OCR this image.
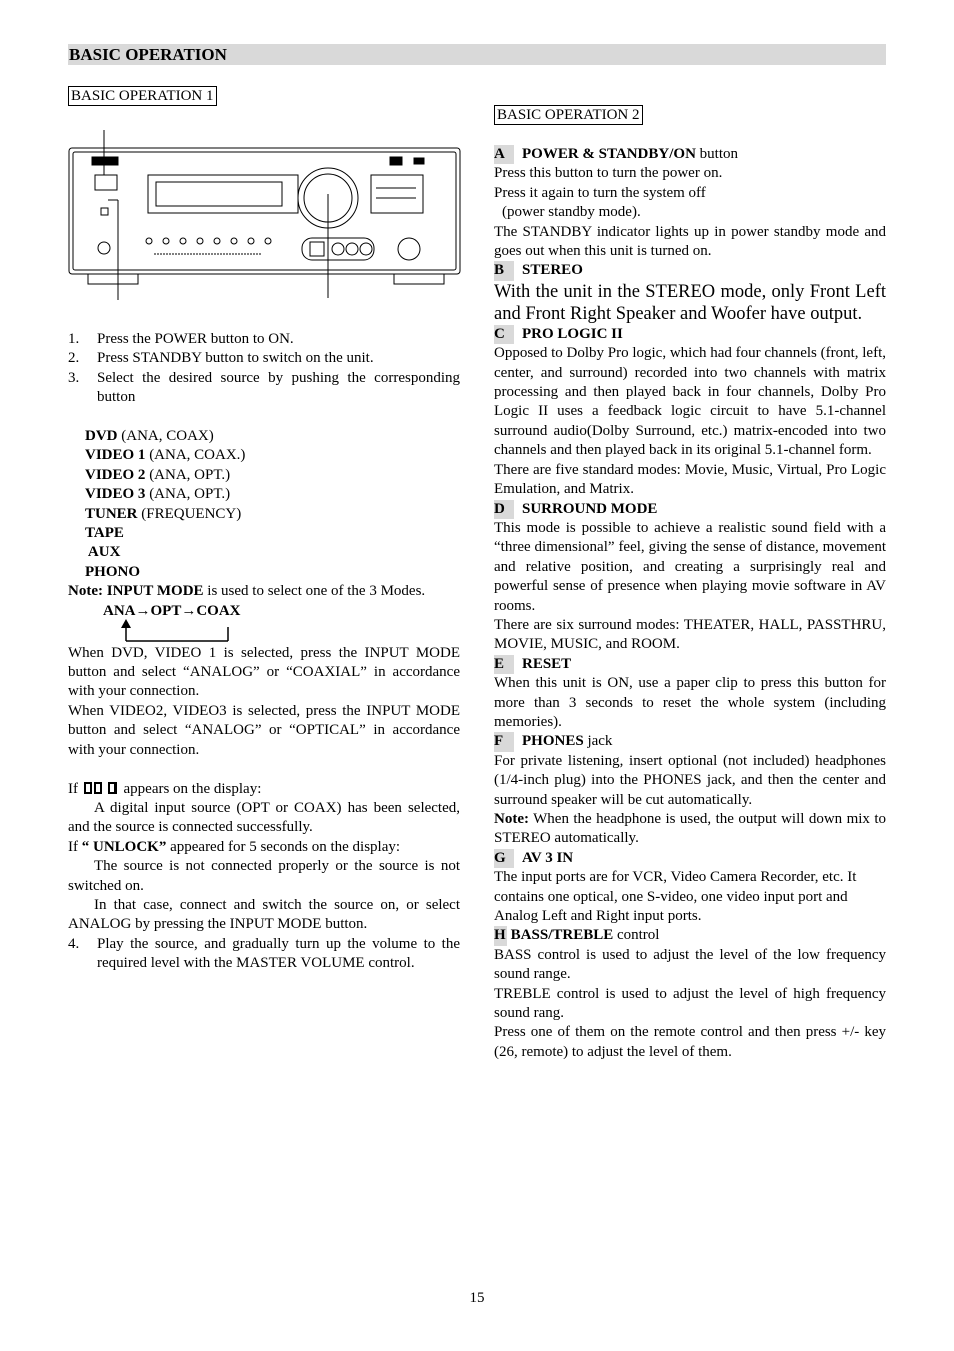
BASIC OPERATION
BASIC OPERATION 1
1.	Press the POWER button to ON.
2.	Press STANDBY button to switch on the unit.
3.	Select the desired source by pushing the corresponding button
DVD (ANA, COAX)
VIDEO 1 (ANA, COAX.)
VIDEO 2 (ANA, OPT.)
VIDEO 3 (ANA, OPT.)
TUNER (FREQUENCY)
TAPE
AUX
PHONO

Note: INPUT MODE is used to select one of the 3 Modes.

ANA→OPT→COAX

When DVD, VIDEO 1 is selected, press the INPUT MODE button and select “ANALOG” or “COAXIAL” in accordance with your connection.

When VIDEO2, VIDEO3 is selected, press the INPUT MODE button and select “ANALOG” or “OPTICAL” in accordance with your connection.

If	appears on the display:

A digital input source (OPT or COAX) has been selected, and the source is connected successfully.

If “ UNLOCK” appeared for 5 seconds on the display:

The source is not connected properly or the source is not switched on.

In that case, connect and switch the source on, or select ANALOG by pressing the INPUT MODE button.

4.	Play the source, and gradually turn up the volume to the required level with the MASTER VOLUME control.
BASIC OPERATION 2

A POWER & STANDBY/ON button

Press this button to turn the power on.

Press it again to turn the system off

(power standby mode).

The STANDBY indicator lights up in power standby mode and goes out when this unit is turned on.

B STEREO

With the unit in the STEREO mode, only Front Left and Front Right Speaker and Woofer have output.

C PRO LOGIC II

Opposed to Dolby Pro logic, which had four channels (front, left, center, and surround) recorded into two channels with matrix processing and then played back in four channels, Dolby Pro Logic II uses a feedback logic circuit to have 5.1-channel surround audio(Dolby Surround, etc.) matrix-encoded into two channels and then played back in its original 5.1-channel form.

There are five standard modes: Movie, Music, Virtual, Pro Logic Emulation, and Matrix.

D SURROUND MODE

This mode is possible to achieve a realistic sound field with a “three dimensional” feel, giving the sense of distance, movement and relative position, and creating a surprisingly real and powerful sense of presence when playing movie software in AV rooms.

There are six surround modes: THEATER, HALL, PASSTHRU, MOVIE, MUSIC, and ROOM.

E RESET

When this unit is ON, use a paper clip to press this button for more than 3 seconds to reset the whole system (including memories).

F PHONES jack

For private listening, insert optional (not included) headphones (1/4-inch plug) into the PHONES jack, and then the center and surround speaker will be cut automatically.

Note: When the headphone is used, the output will down mix to STEREO automatically.

G AV 3 IN

The input ports are for VCR, Video Camera Recorder, etc. It contains one optical, one S-video, one video input port and Analog Left and Right input ports.

H BASS/TREBLE control

BASS control is used to adjust the level of the low frequency sound range.

TREBLE control is used to adjust the level of high frequency sound rang.

Press one of them on the remote control and then press +/- key (26, remote) to adjust the level of them.

15
